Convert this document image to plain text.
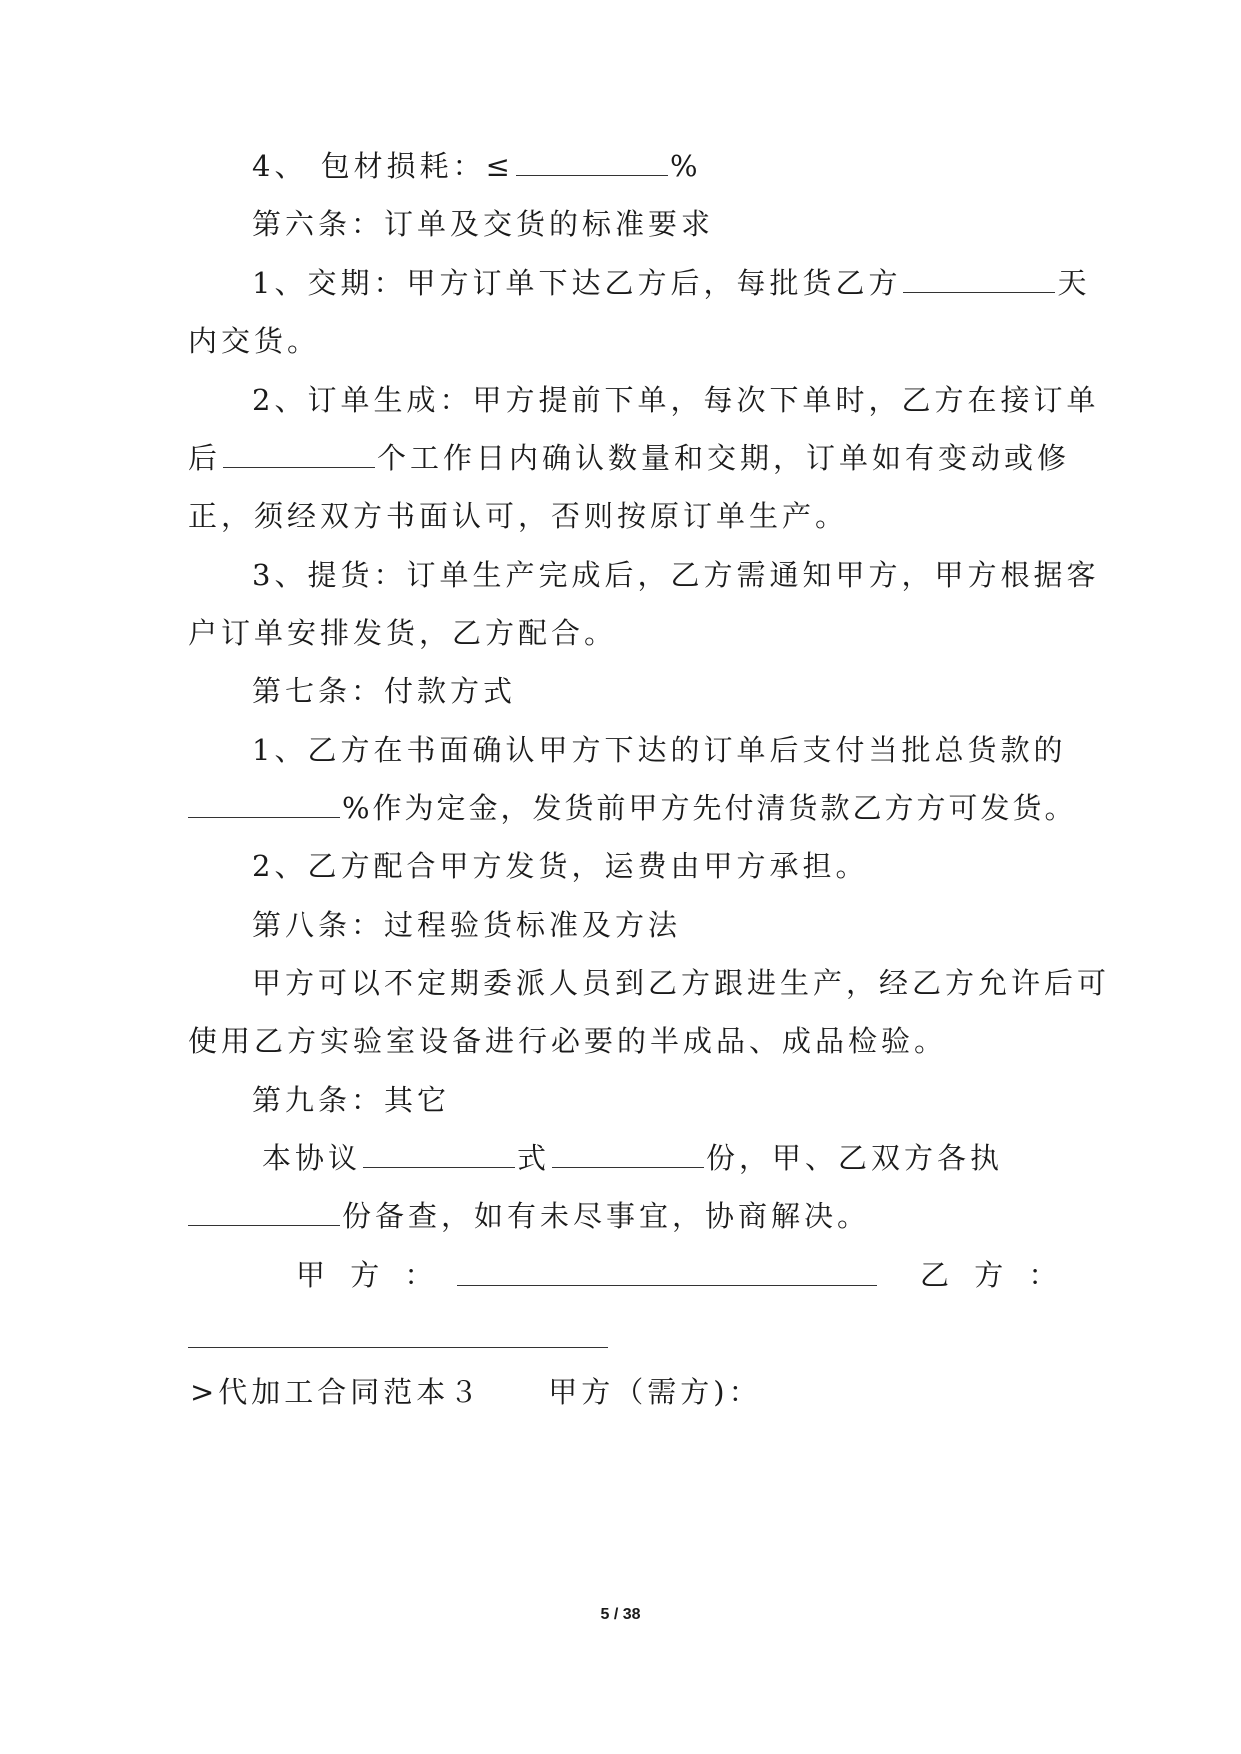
4、 包材损耗：≤	%
第六条：订单及交货的标准要求
1、交期：甲方订单下达乙方后，每批货乙方	天
内交货。
2、订单生成：甲方提前下单，每次下单时，乙方在接订单
后	个工作日内确认数量和交期，订单如有变动或修
正，须经双方书面认可，否则按原订单生产。
3、提货：订单生产完成后，乙方需通知甲方，甲方根据客
户订单安排发货，乙方配合。
第七条：付款方式
1、乙方在书面确认甲方下达的订单后支付当批总货款的
%作为定金，发货前甲方先付清货款乙方方可发货。
2、乙方配合甲方发货，运费由甲方承担。
第八条：过程验货标准及方法
甲方可以不定期委派人员到乙方跟进生产，经乙方允许后可
使用乙方实验室设备进行必要的半成品、成品检验。
第九条：其它
本协议	式	份，甲、乙双方各执
份备查，如有未尽事宜，协商解决。
甲 方 ：	乙 方 ：
>代加工合同范本３　　甲方（需方)：
5 / 38
